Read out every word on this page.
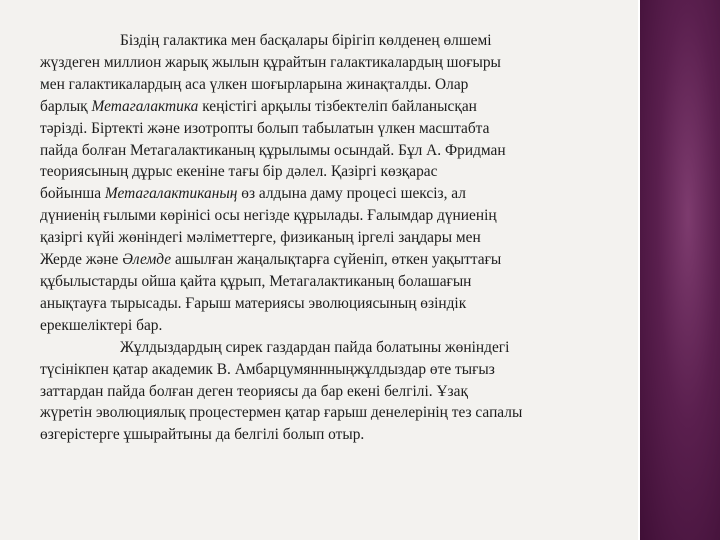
Біздің галактика мен басқалары бірігіп көлденең өлшемі
жүздеген миллион жарық жылын құрайтын галактикалардың шоғыры
мен галактикалардың аса үлкен шоғырларына жинақталды. Олар
барлық Метагалактика кеңістігі арқылы тізбектеліп байланысқан
тәрізді. Біртекті және изотропты болып табылатын үлкен масштабта
пайда болған Метагалактиканың құрылымы осындай. Бұл А. Фридман
теориясының дұрыс екеніне тағы бір дәлел. Қазіргі көзқарас
бойынша Метагалактиканың өз алдына даму процесі шексіз, ал
дүниенің ғылыми көрінісі осы негізде құрылады. Ғалымдар дүниенің
қазіргі күйі жөніндегі мәліметтерге, физиканың іргелі заңдары мен
Жерде және Әлемде ашылған жаңалықтарға сүйеніп, өткен уақыттағы
құбылыстарды ойша қайта құрып, Метагалактиканың болашағын
анықтауға тырысады. Ғарыш материясы эволюциясының өзіндік
ерекшеліктері бар.
Жұлдыздардың сирек газдардан пайда болатыны жөніндегі
түсінікпен қатар академик В. Амбарцумяннныңжұлдыздар өте тығыз
заттардан пайда болған деген теориясы да бар екені белгілі. Ұзақ
жүретін эволюциялық процестермен қатар ғарыш денелерінің тез сапалы
өзгерістерге ұшырайтыны да белгілі болып отыр.
